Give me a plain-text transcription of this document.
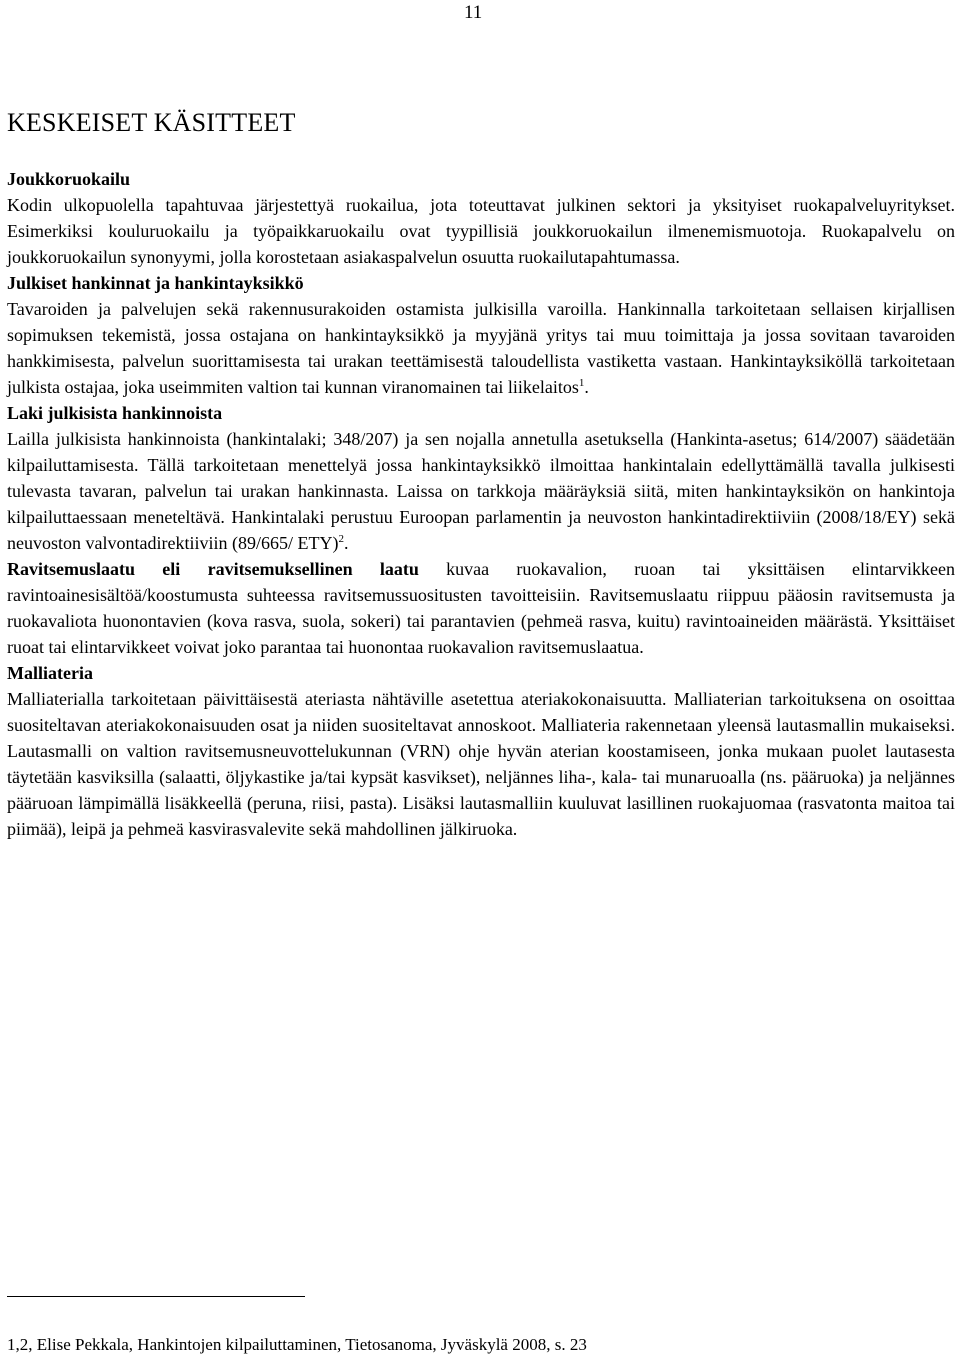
11
KESKEISET KÄSITTEET
Joukkoruokailu

Kodin ulkopuolella tapahtuvaa järjestettyä ruokailua, jota toteuttavat julkinen sektori ja yksityiset ruokapalveluyritykset. Esimerkiksi kouluruokailu ja työpaikkaruokailu ovat tyypillisiä joukkoruokailun ilmenemismuotoja. Ruokapalvelu on joukkoruokailun synonyymi, jolla korostetaan asiakaspalvelun osuutta ruokailutapahtumassa.

Julkiset hankinnat ja hankintayksikkö

Tavaroiden ja palvelujen sekä rakennusurakoiden ostamista julkisilla varoilla. Hankinnalla tarkoitetaan sellaisen kirjallisen sopimuksen tekemistä, jossa ostajana on hankintayksikkö ja myyjänä yritys tai muu toimittaja ja jossa sovitaan tavaroiden hankkimisesta, palvelun suorittamisesta tai urakan teettämisestä taloudellista vastiketta vastaan. Hankintayksiköllä tarkoitetaan julkista ostajaa, joka useimmiten valtion tai kunnan viranomainen tai liikelaitos$^1$.

Laki julkisista hankinnoista

Lailla julkisista hankinnoista (hankintalaki; 348/207) ja sen nojalla annetulla asetuksella (Hankinta-asetus; 614/2007) säädetään kilpailuttamisesta. Tällä tarkoitetaan menettelyä jossa hankintayksikkö ilmoittaa hankintalain edellyttämällä tavalla julkisesti tulevasta tavaran, palvelun tai urakan hankinnasta. Laissa on tarkkoja määräyksiä siitä, miten hankintayksikön on hankintoja kilpailuttaessaan meneteltävä. Hankintalaki perustuu Euroopan parlamentin ja neuvoston hankintadirektiiviin (2008/18/EY) sekä neuvoston valvontadirektiiviin (89/665/ ETY)$^2$.

Ravitsemuslaatu eli ravitsemuksellinen laatu kuvaa ruokavalion, ruoan tai yksittäisen elintarvikkeen ravintoainesisältöä/koostumusta suhteessa ravitsemussuositusten tavoitteisiin. Ravitsemuslaatu riippuu pääosin ravitsemusta ja ruokavaliota huonontavien (kova rasva, suola, sokeri) tai parantavien (pehmeä rasva, kuitu) ravintoaineiden määrästä. Yksittäiset ruoat tai elintarvikkeet voivat joko parantaa tai huonontaa ruokavalion ravitsemuslaatua.

Malliateria

Malliaterialla tarkoitetaan päivittäisestä ateriasta nähtäville asetettua ateriakokonaisuutta. Malliaterian tarkoituksena on osoittaa suositeltavan ateriakokonaisuuden osat ja niiden suositeltavat annoskoot. Malliateria rakennetaan yleensä lautasmallin mukaiseksi. Lautasmalli on valtion ravitsemusneuvottelukunnan (VRN) ohje hyvän aterian koostamiseen, jonka mukaan puolet lautasesta täytetään kasviksilla (salaatti, öljykastike ja/tai kypsät kasvikset), neljännes liha-, kala- tai munaruoalla (ns. pääruoka) ja neljännes pääruoan lämpimällä lisäkkeellä (peruna, riisi, pasta). Lisäksi lautasmalliin kuuluvat lasillinen ruokajuomaa (rasvatonta maitoa tai piimää), leipä ja pehmeä kasvirasvalevite sekä mahdollinen jälkiruoka.

1,2, Elise Pekkala, Hankintojen kilpailuttaminen, Tietosanoma, Jyväskylä 2008, s. 23
